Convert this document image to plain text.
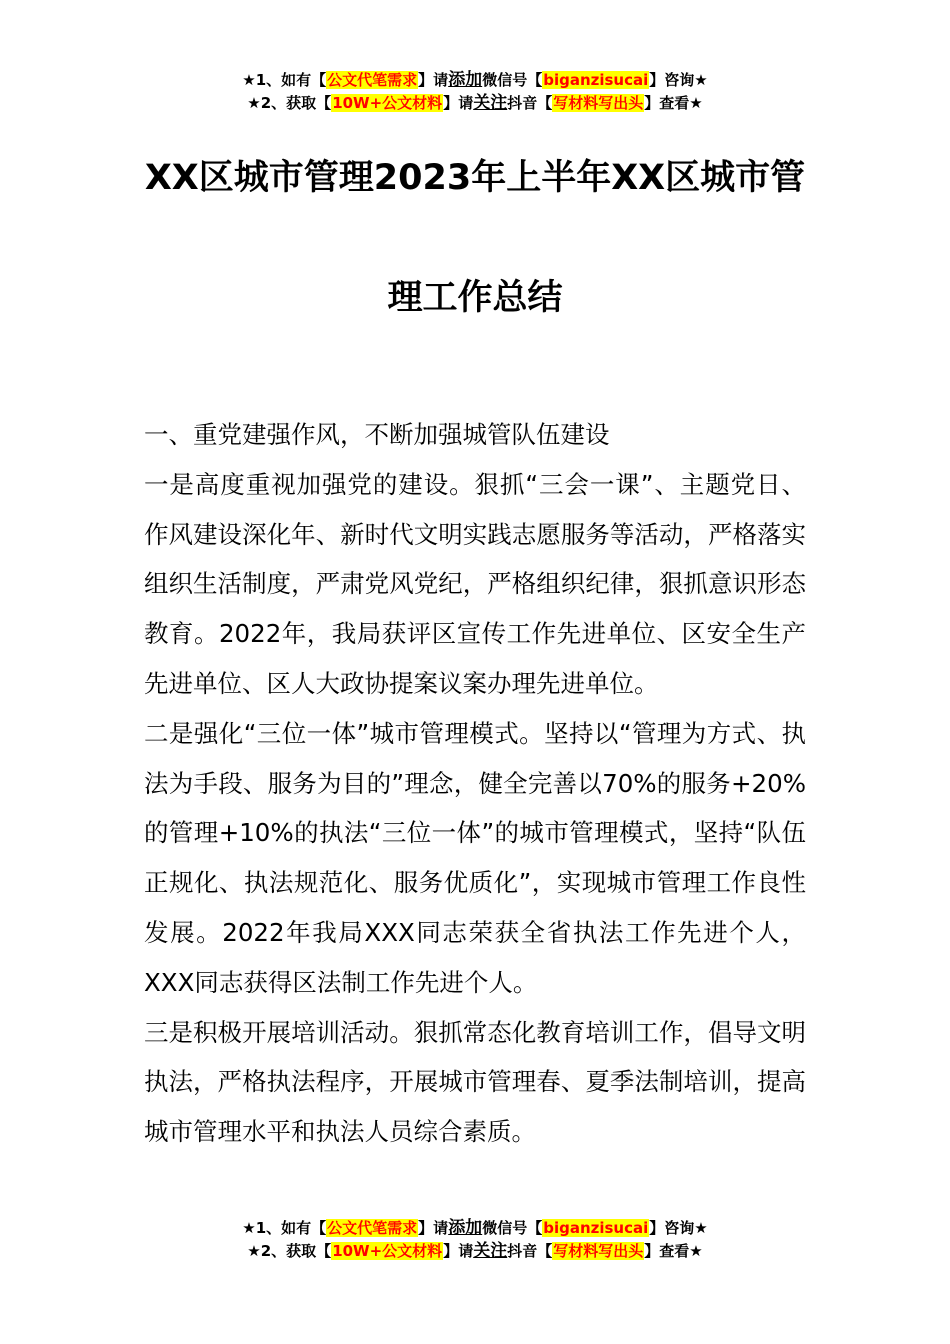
★1、如有【公文代笔需求】请添加微信号【biganzisucai】咨询★
★2、获取【10W+公文材料】请关注抖音【写材料写出头】查看★
XX区城市管理2023年上半年XX区城市管
理工作总结

一、重党建强作风，不断加强城管队伍建设

一是高度重视加强党的建设。狠抓“三会一课”、主题党日、作风建设深化年、新时代文明实践志愿服务等活动，严格落实组织生活制度，严肃党风党纪，严格组织纪律，狠抓意识形态教育。2022年，我局获评区宣传工作先进单位、区安全生产先进单位、区人大政协提案议案办理先进单位。

二是强化“三位一体”城市管理模式。坚持以“管理为方式、执法为手段、服务为目的”理念，健全完善以70%的服务+20%的管理+10%的执法“三位一体”的城市管理模式，坚持“队伍正规化、执法规范化、服务优质化”，实现城市管理工作良性发展。2022年我局XXX同志荣获全省执法工作先进个人，XXX同志获得区法制工作先进个人。

三是积极开展培训活动。狠抓常态化教育培训工作，倡导文明执法，严格执法程序，开展城市管理春、夏季法制培训，提高城市管理水平和执法人员综合素质。

★1、如有【公文代笔需求】请添加微信号【biganzisucai】咨询★
★2、获取【10W+公文材料】请关注抖音【写材料写出头】查看★
